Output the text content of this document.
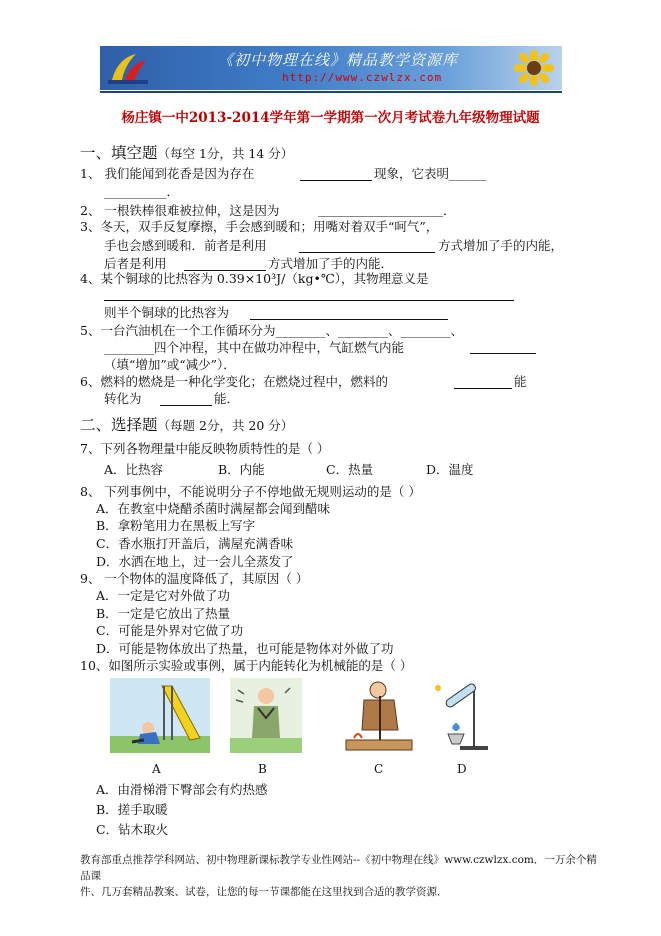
《初中物理在线》精品教学资源库
http://www.czwlzx.com
杨庄镇一中2013-2014学年第一学期第一次月考试卷九年级物理试题
一、填空题（每空 1分，共 14 分）
1、 我们能闻到花香是因为存在	现象，它表明______
__________．
2、 一根铁棒很难被拉伸，这是因为	＿＿＿＿＿＿＿＿＿＿．
3、冬天，双手反复摩擦，手会感到暖和；用嘴对着双手“呵气”，
手也会感到暖和．前者是利用	方式增加了手的内能，
后者是利用	方式增加了手的内能．
4、某个铜球的比热容为 0.39×10³J/（kg•℃），其物理意义是
则半个铜球的比热容为
5、一台汽油机在一个工作循环分为________、________、________、
________四个冲程，其中在做功冲程中，气缸燃气内能
（填“增加”或“减少”）．
6、燃料的燃烧是一种化学变化；在燃烧过程中，燃料的	能
转化为	能．
二、选择题（每题 2分，共 20 分）
7、下列各物理量中能反映物质特性的是（ ）
A．比热容	B．内能	C．热量	D．温度
8、 下列事例中，不能说明分子不停地做无规则运动的是（ ）
A．在教室中烧醋杀菌时满屋都会闻到醋味
B．拿粉笔用力在黑板上写字
C．香水瓶打开盖后，满屋充满香味
D．水洒在地上，过一会儿全蒸发了
9、 一个物体的温度降低了，其原因（ ）
A．一定是它对外做了功
B．一定是它放出了热量
C．可能是外界对它做了功
D．可能是物体放出了热量，也可能是物体对外做了功
10、如图所示实验或事例，属于内能转化为机械能的是（ ）
A	B	C	D
A．由滑梯滑下臀部会有灼热感
B．搓手取暖
C．钻木取火
教育部重点推荐学科网站、初中物理新课标教学专业性网站--《初中物理在线》www.czwlzx.com．一万余个精品课
件、几万套精品教案、试卷，让您的每一节课都能在这里找到合适的教学资源．
